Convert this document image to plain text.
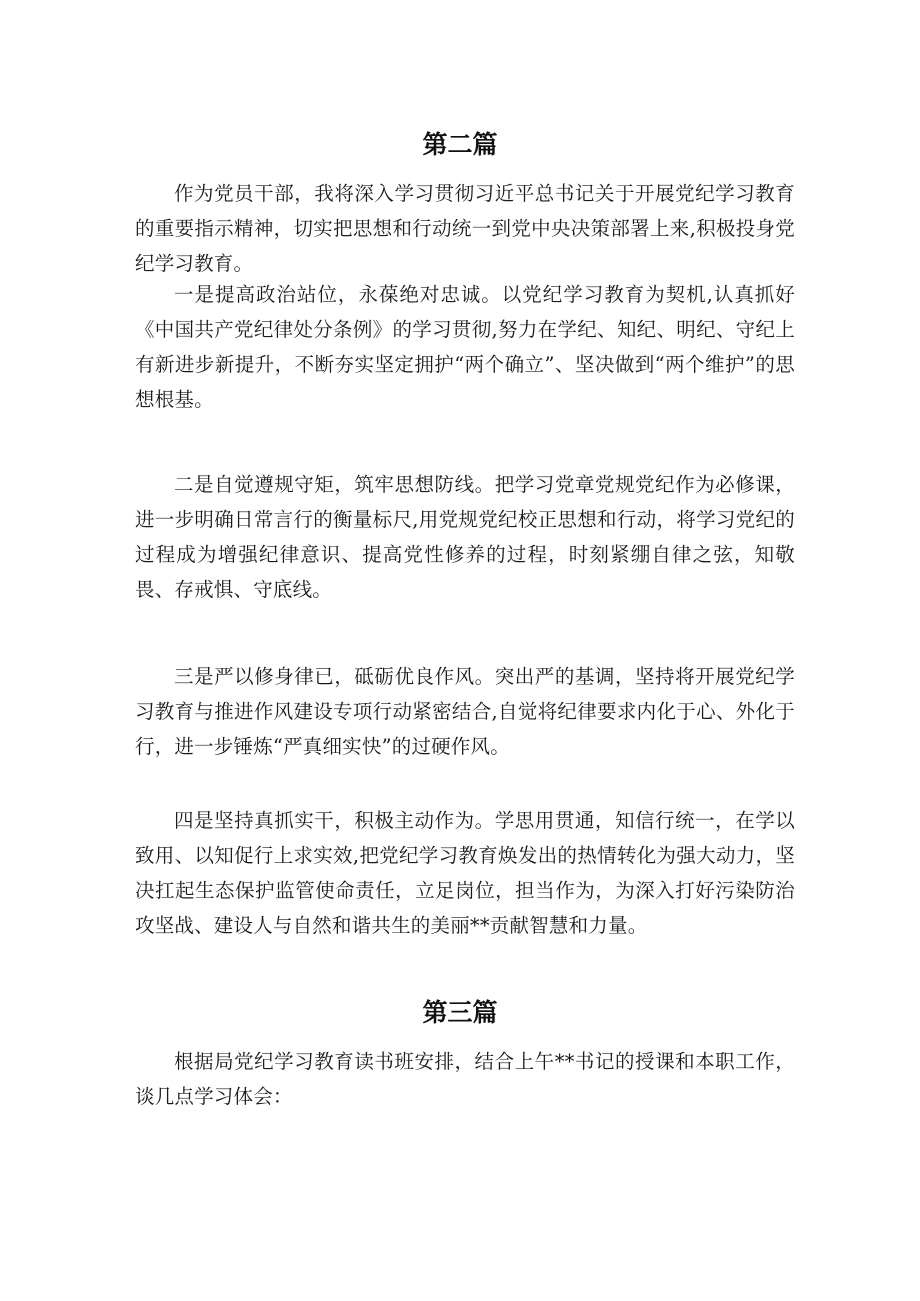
第二篇

作为党员干部，我将深入学习贯彻习近平总书记关于开展党纪学习教育的重要指示精神，切实把思想和行动统一到党中央决策部署上来,积极投身党纪学习教育。

一是提高政治站位，永葆绝对忠诚。以党纪学习教育为契机,认真抓好《中国共产党纪律处分条例》的学习贯彻,努力在学纪、知纪、明纪、守纪上有新进步新提升，不断夯实坚定拥护“两个确立”、坚决做到“两个维护”的思想根基。

二是自觉遵规守矩，筑牢思想防线。把学习党章党规党纪作为必修课，进一步明确日常言行的衡量标尺,用党规党纪校正思想和行动，将学习党纪的过程成为增强纪律意识、提高党性修养的过程，时刻紧绷自律之弦，知敬畏、存戒惧、守底线。

三是严以修身律已，砥砺优良作风。突出严的基调，坚持将开展党纪学习教育与推进作风建设专项行动紧密结合,自觉将纪律要求内化于心、外化于行，进一步锤炼“严真细实快”的过硬作风。

四是坚持真抓实干，积极主动作为。学思用贯通，知信行统一，在学以致用、以知促行上求实效,把党纪学习教育焕发出的热情转化为强大动力，坚决扛起生态保护监管使命责任，立足岗位，担当作为，为深入打好污染防治攻坚战、建设人与自然和谐共生的美丽**贡献智慧和力量。

第三篇

根据局党纪学习教育读书班安排，结合上午**书记的授课和本职工作，谈几点学习体会：
